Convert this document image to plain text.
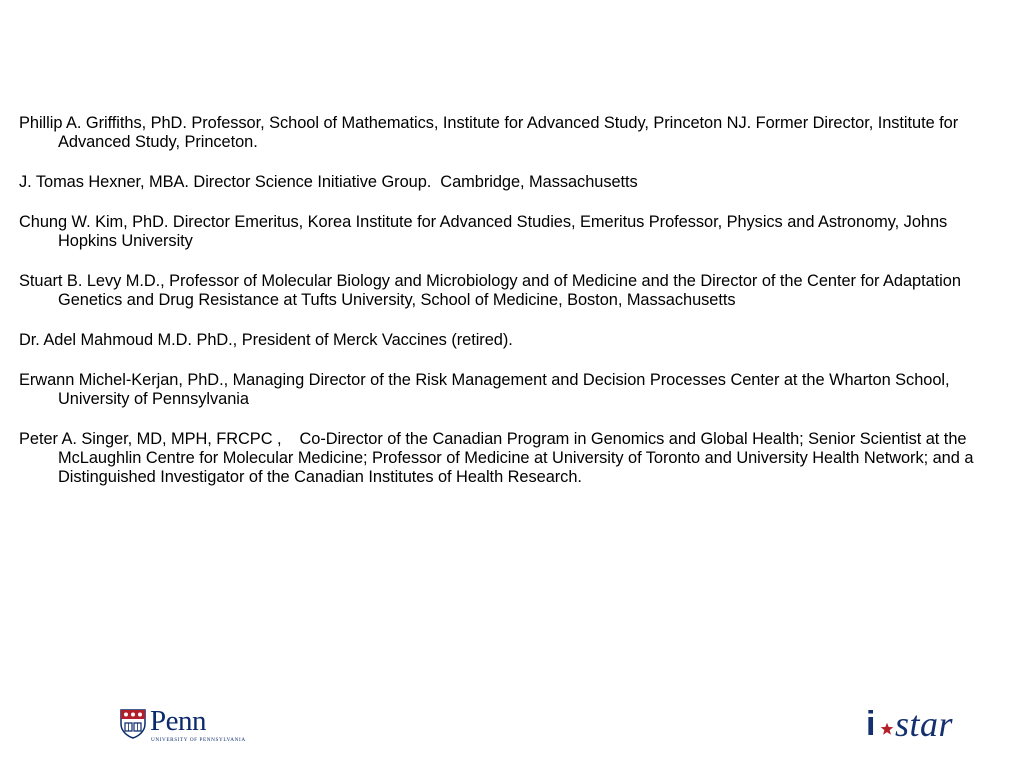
Phillip A. Griffiths, PhD. Professor, School of Mathematics, Institute for Advanced Study, Princeton NJ. Former Director, Institute for Advanced Study, Princeton.

J. Tomas Hexner, MBA. Director Science Initiative Group.  Cambridge, Massachusetts

Chung W. Kim, PhD. Director Emeritus, Korea Institute for Advanced Studies, Emeritus Professor, Physics and Astronomy, Johns Hopkins University

Stuart B. Levy M.D., Professor of Molecular Biology and Microbiology and of Medicine and the Director of the Center for Adaptation Genetics and Drug Resistance at Tufts University, School of Medicine, Boston, Massachusetts

Dr. Adel Mahmoud M.D. PhD., President of Merck Vaccines (retired).

Erwann Michel-Kerjan, PhD., Managing Director of the Risk Management and Decision Processes Center at the Wharton School, University of Pennsylvania

Peter A. Singer, MD, MPH, FRCPC ,    Co-Director of the Canadian Program in Genomics and Global Health; Senior Scientist at the McLaughlin Centre for Molecular Medicine; Professor of Medicine at University of Toronto and University Health Network; and a Distinguished Investigator of the Canadian Institutes of Health Research.

Penn
UNIVERSITY OF PENNSYLVANIA	i star
